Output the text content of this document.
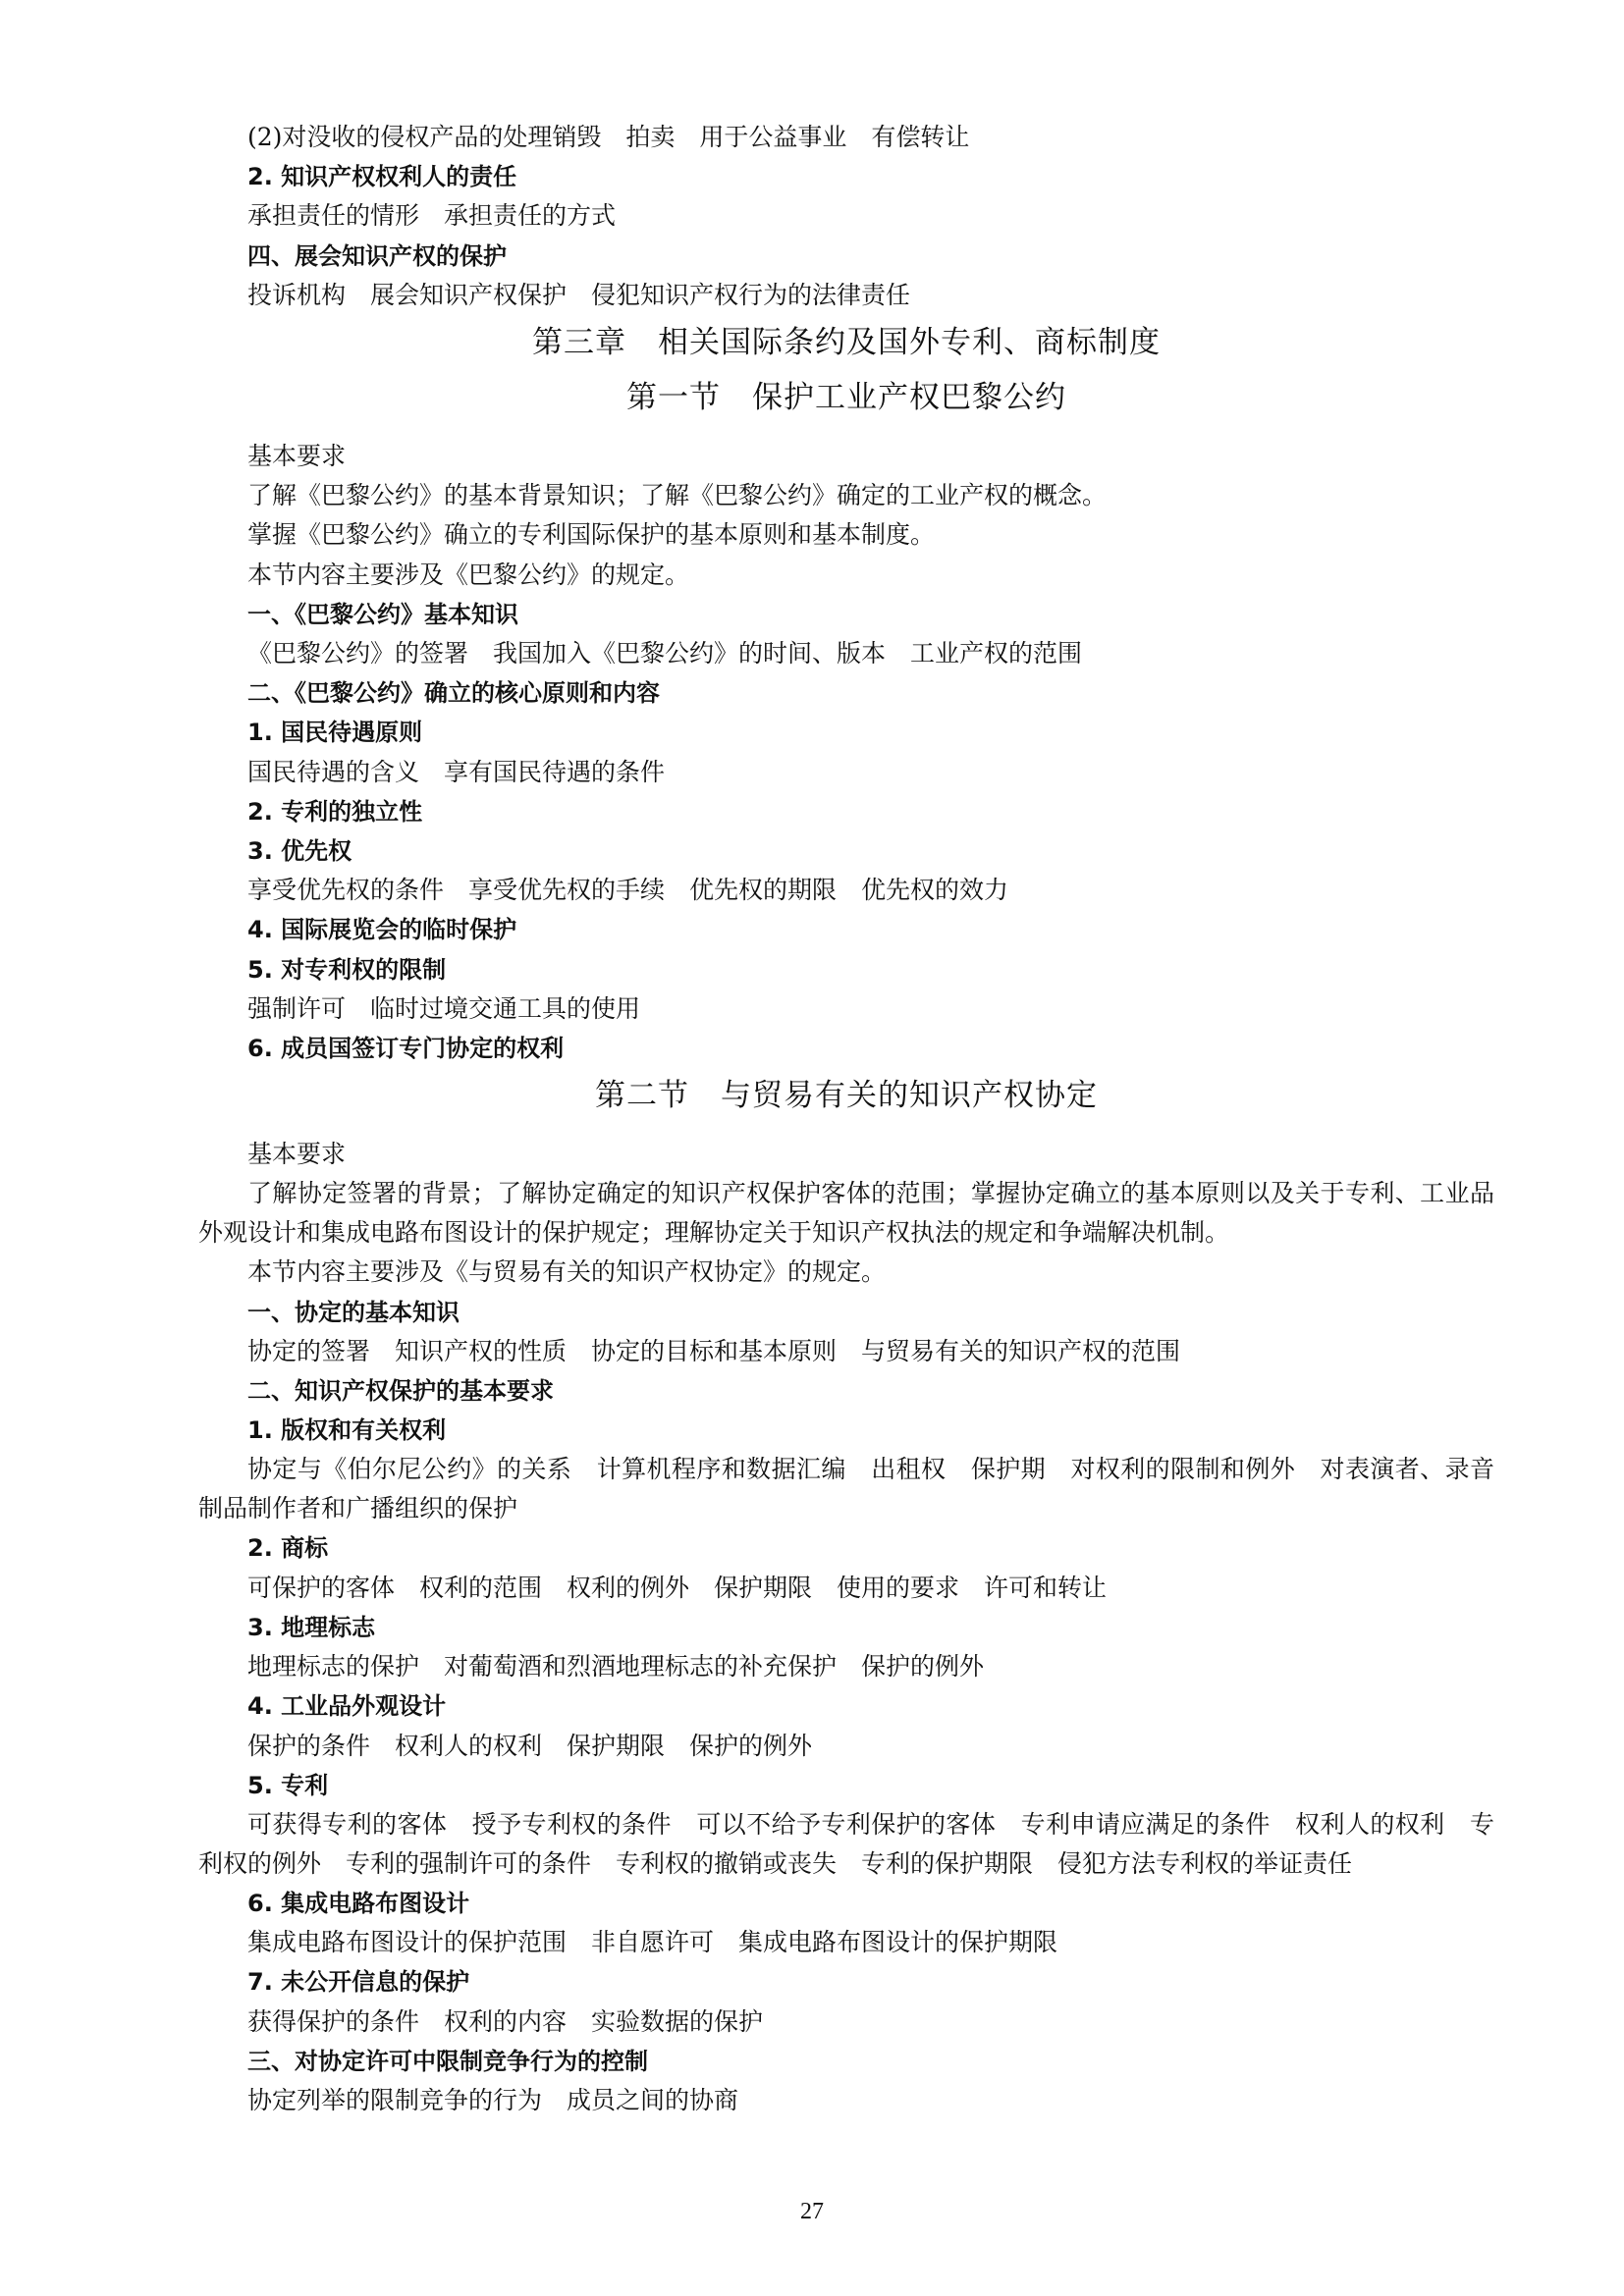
(2)对没收的侵权产品的处理销毁　拍卖　用于公益事业　有偿转让

2. 知识产权权利人的责任

承担责任的情形　承担责任的方式

四、展会知识产权的保护

投诉机构　展会知识产权保护　侵犯知识产权行为的法律责任

第三章　相关国际条约及国外专利、商标制度

第一节　保护工业产权巴黎公约

基本要求

了解《巴黎公约》的基本背景知识；了解《巴黎公约》确定的工业产权的概念。

掌握《巴黎公约》确立的专利国际保护的基本原则和基本制度。

本节内容主要涉及《巴黎公约》的规定。

一、《巴黎公约》基本知识

《巴黎公约》的签署　我国加入《巴黎公约》的时间、版本　工业产权的范围

二、《巴黎公约》确立的核心原则和内容

1. 国民待遇原则

国民待遇的含义　享有国民待遇的条件

2. 专利的独立性

3. 优先权

享受优先权的条件　享受优先权的手续　优先权的期限　优先权的效力

4. 国际展览会的临时保护

5. 对专利权的限制

强制许可　临时过境交通工具的使用

6. 成员国签订专门协定的权利

第二节　与贸易有关的知识产权协定

基本要求

了解协定签署的背景；了解协定确定的知识产权保护客体的范围；掌握协定确立的基本原则以及关于专利、工业品外观设计和集成电路布图设计的保护规定；理解协定关于知识产权执法的规定和争端解决机制。

本节内容主要涉及《与贸易有关的知识产权协定》的规定。

一、协定的基本知识

协定的签署　知识产权的性质　协定的目标和基本原则　与贸易有关的知识产权的范围

二、知识产权保护的基本要求

1. 版权和有关权利

协定与《伯尔尼公约》的关系　计算机程序和数据汇编　出租权　保护期　对权利的限制和例外　对表演者、录音制品制作者和广播组织的保护

2. 商标

可保护的客体　权利的范围　权利的例外　保护期限　使用的要求　许可和转让

3. 地理标志

地理标志的保护　对葡萄酒和烈酒地理标志的补充保护　保护的例外

4. 工业品外观设计

保护的条件　权利人的权利　保护期限　保护的例外

5. 专利

可获得专利的客体　授予专利权的条件　可以不给予专利保护的客体　专利申请应满足的条件　权利人的权利　专利权的例外　专利的强制许可的条件　专利权的撤销或丧失　专利的保护期限　侵犯方法专利权的举证责任

6. 集成电路布图设计

集成电路布图设计的保护范围　非自愿许可　集成电路布图设计的保护期限

7. 未公开信息的保护

获得保护的条件　权利的内容　实验数据的保护

三、对协定许可中限制竞争行为的控制

协定列举的限制竞争的行为　成员之间的协商

27
